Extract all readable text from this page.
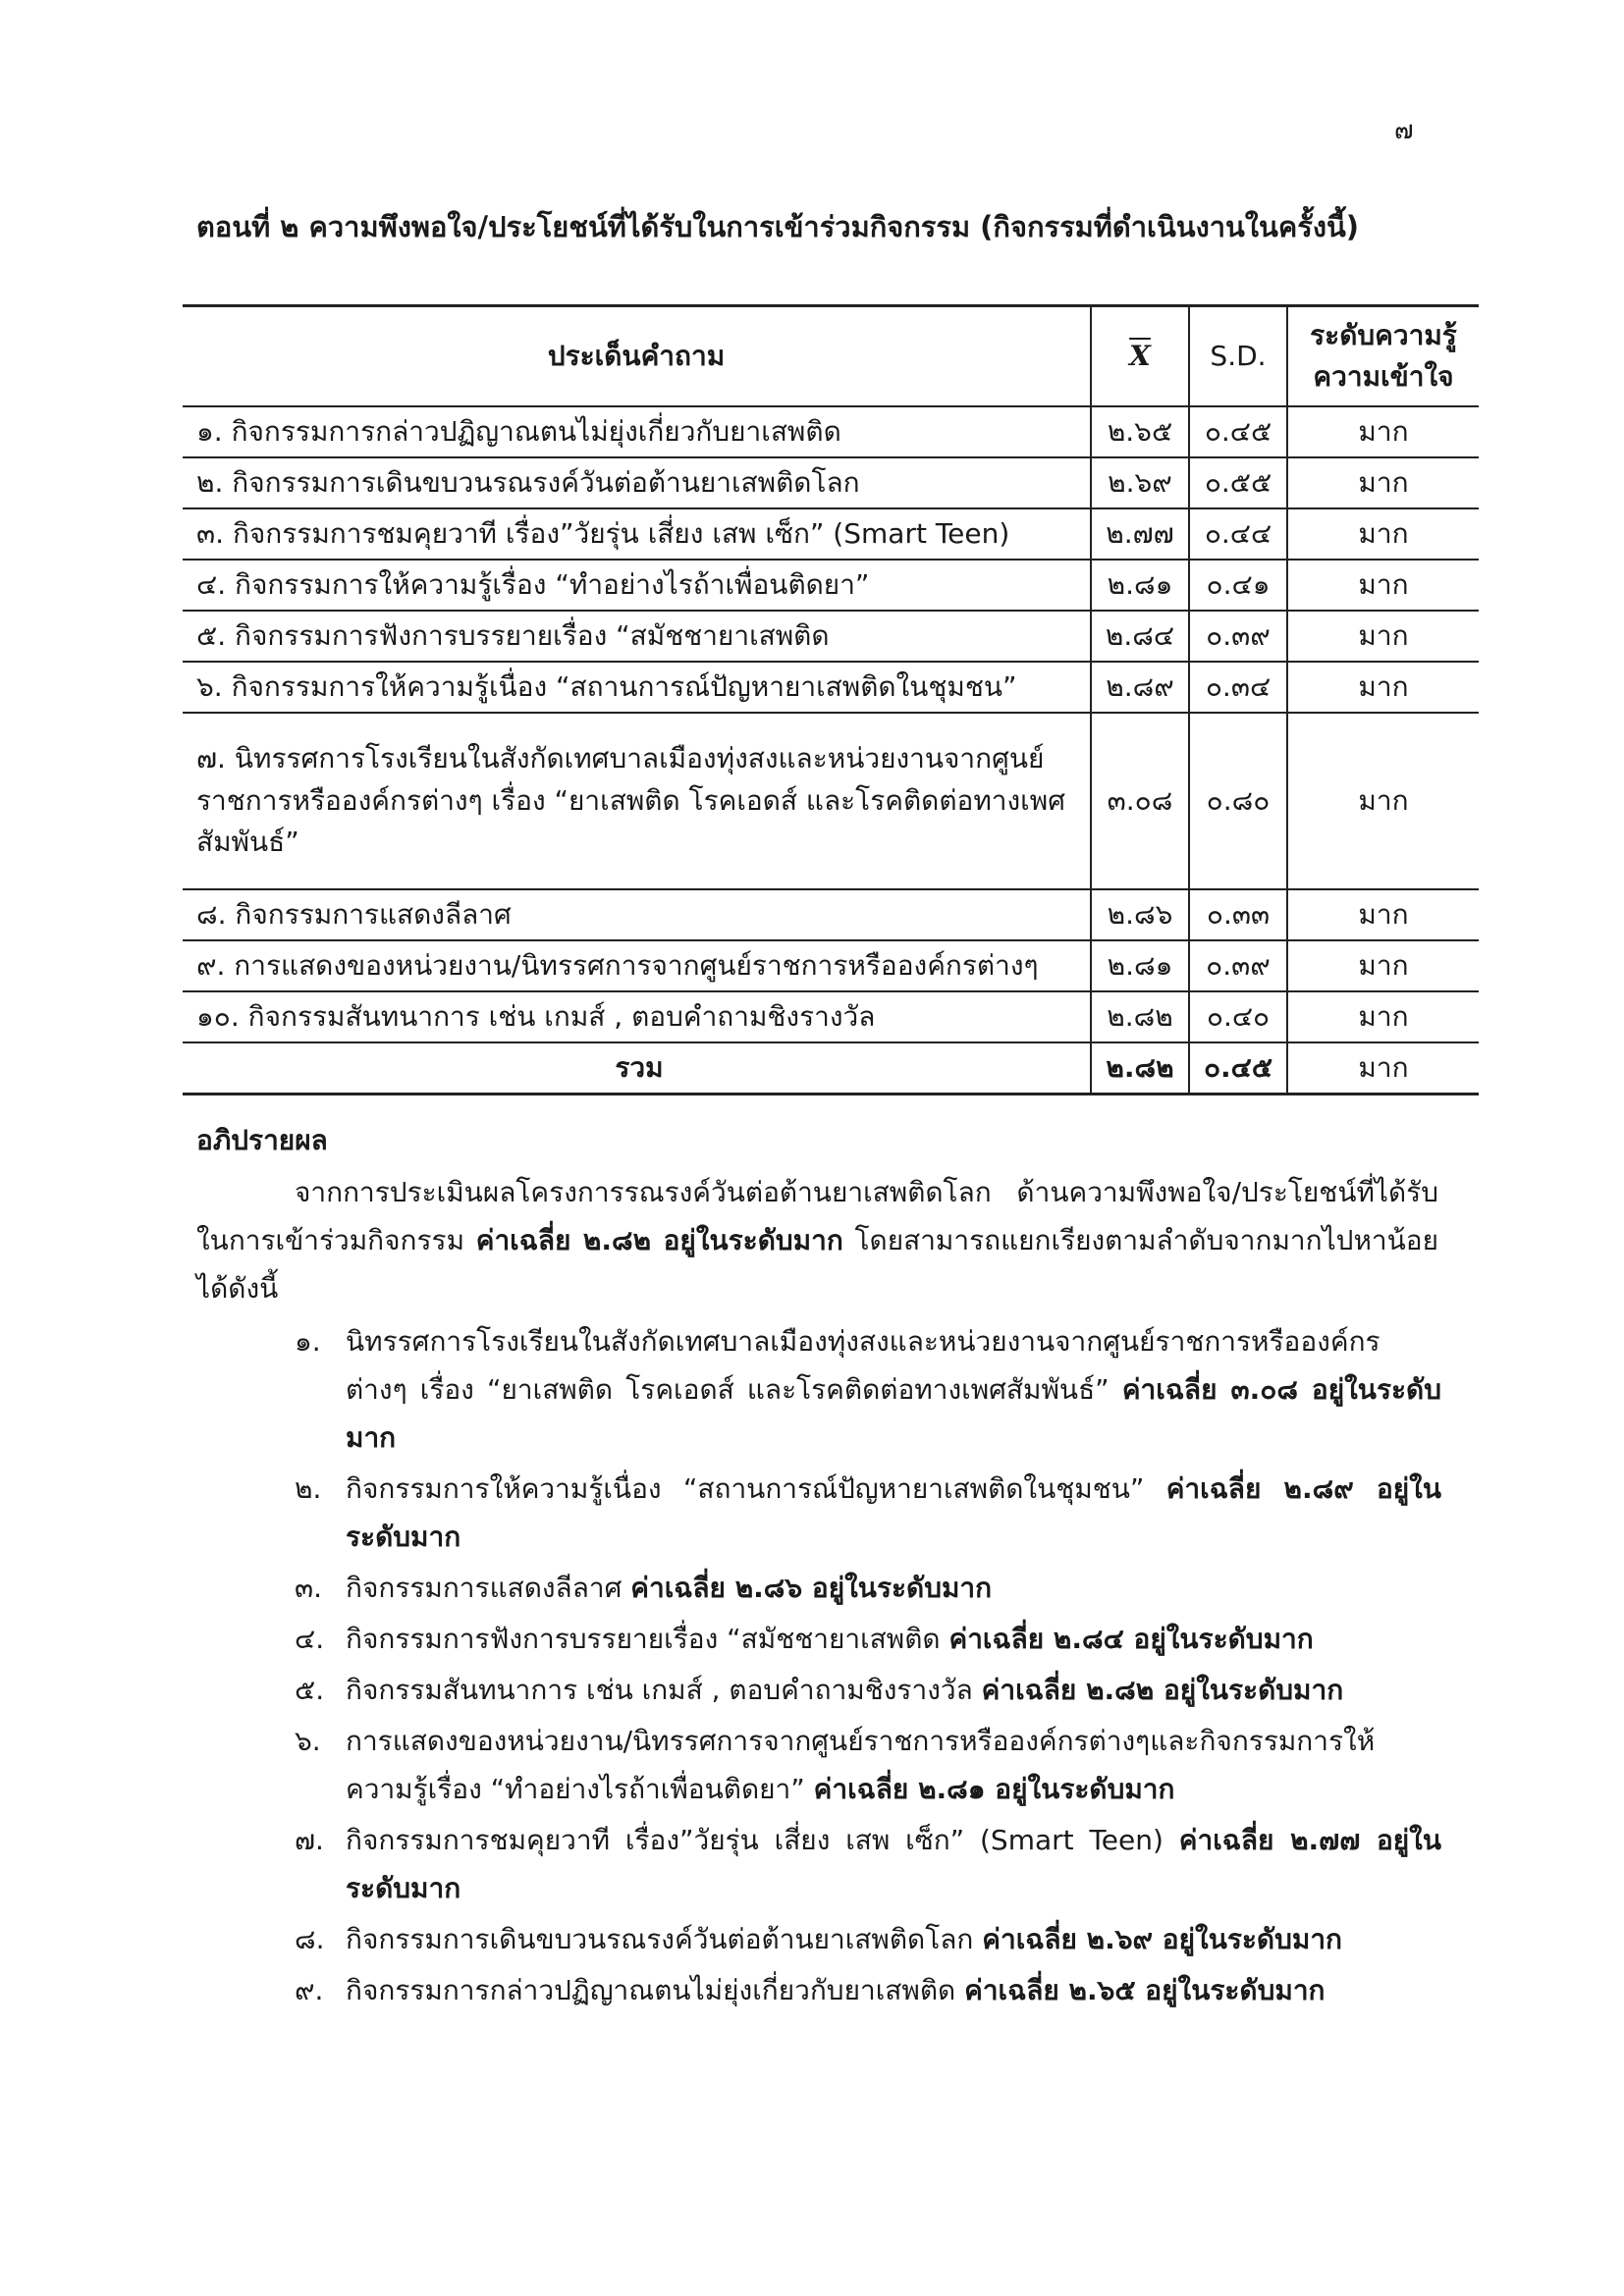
๗
ตอนที่ ๒ ความพึงพอใจ/ประโยชน์ที่ได้รับในการเข้าร่วมกิจกรรม (กิจกรรมที่ดำเนินงานในครั้งนี้)
ประเด็นคำถาม	$\overline{X}$	S.D.	ระดับความรู้
ความเข้าใจ

๑. กิจกรรมการกล่าวปฏิญาณตนไม่ยุ่งเกี่ยวกับยาเสพติด	๒.๖๕	๐.๔๕	มาก
๒. กิจกรรมการเดินขบวนรณรงค์วันต่อต้านยาเสพติดโลก	๒.๖๙	๐.๕๕	มาก
๓. กิจกรรมการชมคุยวาที เรื่อง”วัยรุ่น เสี่ยง เสพ เซ็ก” (Smart Teen)	๒.๗๗	๐.๔๔	มาก
๔. กิจกรรมการให้ความรู้เรื่อง “ทำอย่างไรถ้าเพื่อนติดยา”	๒.๘๑	๐.๔๑	มาก
๕. กิจกรรมการฟังการบรรยายเรื่อง “สมัชชายาเสพติด	๒.๘๔	๐.๓๙	มาก
๖. กิจกรรมการให้ความรู้เนื่อง “สถานการณ์ปัญหายาเสพติดในชุมชน”	๒.๘๙	๐.๓๔	มาก
๗. นิทรรศการโรงเรียนในสังกัดเทศบาลเมืองทุ่งสงและหน่วยงานจากศูนย์ราชการหรือองค์กรต่างๆ เรื่อง “ยาเสพติด โรคเอดส์ และโรคติดต่อทางเพศสัมพันธ์”	๓.๐๘	๐.๘๐	มาก
๘. กิจกรรมการแสดงลีลาศ	๒.๘๖	๐.๓๓	มาก
๙. การแสดงของหน่วยงาน/นิทรรศการจากศูนย์ราชการหรือองค์กรต่างๆ	๒.๘๑	๐.๓๙	มาก
๑๐. กิจกรรมสันทนาการ เช่น เกมส์ , ตอบคำถามชิงรางวัล	๒.๘๒	๐.๔๐	มาก
รวม	๒.๘๒	๐.๔๕	มาก
อภิปรายผล
จากการประเมินผลโครงการรณรงค์วันต่อต้านยาเสพติดโลก ด้านความพึงพอใจ/ประโยชน์ที่ได้รับในการเข้าร่วมกิจกรรม ค่าเฉลี่ย ๒.๘๒ อยู่ในระดับมาก โดยสามารถแยกเรียงตามลำดับจากมากไปหาน้อยได้ดังนี้
๑. นิทรรศการโรงเรียนในสังกัดเทศบาลเมืองทุ่งสงและหน่วยงานจากศูนย์ราชการหรือองค์กรต่างๆ เรื่อง “ยาเสพติด โรคเอดส์ และโรคติดต่อทางเพศสัมพันธ์” ค่าเฉลี่ย ๓.๐๘ อยู่ในระดับมาก
๒. กิจกรรมการให้ความรู้เนื่อง “สถานการณ์ปัญหายาเสพติดในชุมชน” ค่าเฉลี่ย ๒.๘๙ อยู่ในระดับมาก
๓. กิจกรรมการแสดงลีลาศ ค่าเฉลี่ย ๒.๘๖ อยู่ในระดับมาก
๔. กิจกรรมการฟังการบรรยายเรื่อง “สมัชชายาเสพติด ค่าเฉลี่ย ๒.๘๔ อยู่ในระดับมาก
๕. กิจกรรมสันทนาการ เช่น เกมส์ , ตอบคำถามชิงรางวัล ค่าเฉลี่ย ๒.๘๒ อยู่ในระดับมาก
๖. การแสดงของหน่วยงาน/นิทรรศการจากศูนย์ราชการหรือองค์กรต่างๆและกิจกรรมการให้ความรู้เรื่อง “ทำอย่างไรถ้าเพื่อนติดยา” ค่าเฉลี่ย ๒.๘๑ อยู่ในระดับมาก
๗. กิจกรรมการชมคุยวาที เรื่อง”วัยรุ่น เสี่ยง เสพ เซ็ก” (Smart Teen) ค่าเฉลี่ย ๒.๗๗ อยู่ในระดับมาก
๘. กิจกรรมการเดินขบวนรณรงค์วันต่อต้านยาเสพติดโลก ค่าเฉลี่ย ๒.๖๙ อยู่ในระดับมาก
๙. กิจกรรมการกล่าวปฏิญาณตนไม่ยุ่งเกี่ยวกับยาเสพติด ค่าเฉลี่ย ๒.๖๕ อยู่ในระดับมาก
